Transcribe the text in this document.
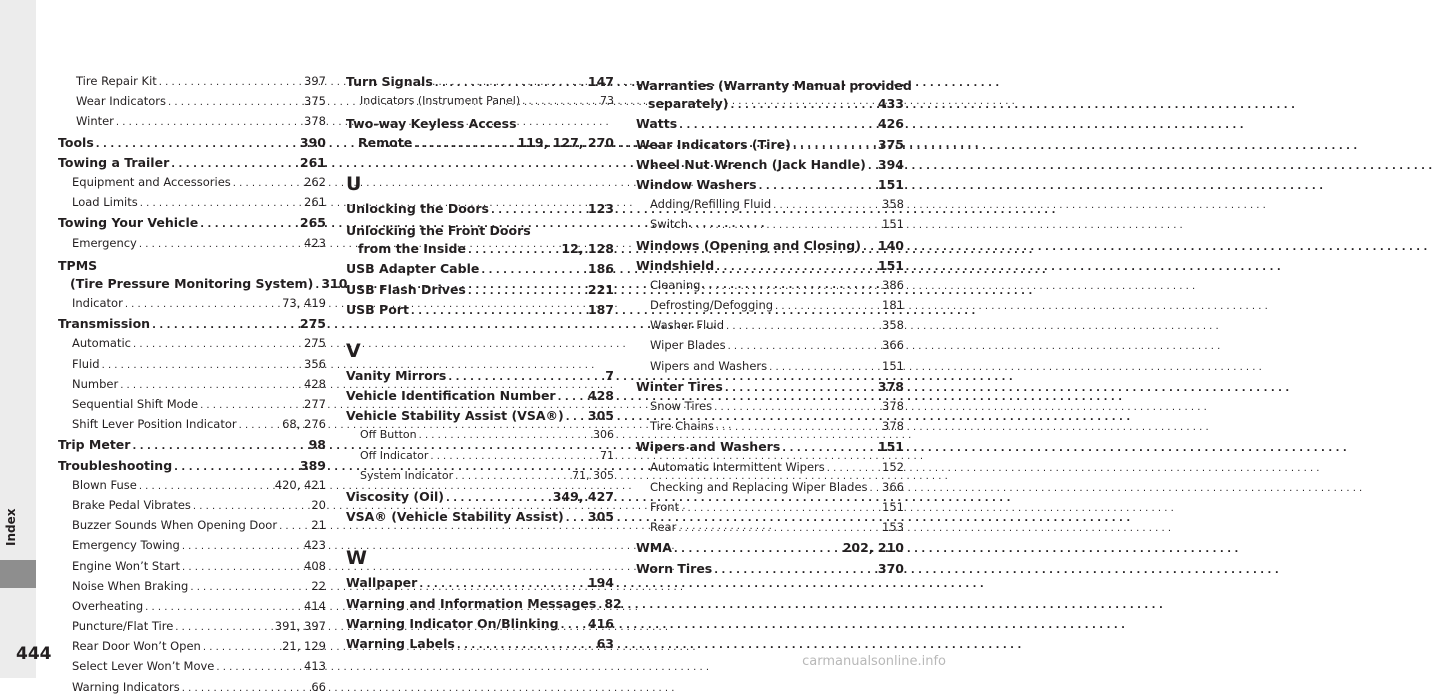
Index
444	carmanualsonline.info
Tire Repair Kit . . .	397
Wear Indicators . . .	375
Winter . . .	378
Tools . . .	390
Towing a Trailer . . .	261
Equipment and Accessories . . .	262
Load Limits . . .	261
Towing Your Vehicle . . .	265
Emergency . . .	423
TPMS
(Tire Pressure Monitoring System) . . . 310
Indicator . . .	73, 419
Transmission . . .	275
Automatic . . .	275
Fluid . . .	356
Number . . .	428
Sequential Shift Mode . . .	277
Shift Lever Position Indicator . . .	68, 276
Trip Meter . . .	98
Troubleshooting . . .	389
Blown Fuse . . .	420, 421
Brake Pedal Vibrates . . .	20
Buzzer Sounds When Opening Door . . .	21
Emergency Towing . . .	423
Engine Won’t Start . . .	408
Noise When Braking . . .	22
Overheating . . .	414
Puncture/Flat Tire . . .	391, 397
Rear Door Won’t Open . . .	21, 129
Select Lever Won’t Move . . .	413
Warning Indicators . . .	66
Turn Signals . . .	147
Indicators (Instrument Panel) . . .	73
Two-way Keyless Access
Remote . . .	119, 127, 270
U
Unlocking the Doors . . .	123
Unlocking the Front Doors
from the Inside . . .	12, 128
USB Adapter Cable . . .	186
USB Flash Drives . . .	221
USB Port . . .	187
V
Vanity Mirrors . . .	7
Vehicle Identification Number . . .	428
Vehicle Stability Assist (VSA®) . . . 305
Off Button . . .	306
Off Indicator . . .	71
System Indicator . . .	71, 305
Viscosity (Oil) . . .	349, 427
VSA® (Vehicle Stability Assist) . . . 305
W
Wallpaper . . .	194
Warning and Information Messages . . . 82
Warning Indicator On/Blinking . . . 416
Warning Labels . . .	63
Warranties (Warranty Manual provided
separately) . . .	433
Watts . . .	426
Wear Indicators (Tire) . . .	375
Wheel Nut Wrench (Jack Handle) . . . 394
Window Washers . . .	151
Adding/Refilling Fluid . . .	358
Switch . . .	151
Windows (Opening and Closing) . . . 140
Windshield . . .	151
Cleaning . . .	386
Defrosting/Defogging . . .	181
Washer Fluid . . .	358
Wiper Blades . . .	366
Wipers and Washers . . .	151
Winter Tires . . .	378
Snow Tires . . .	378
Tire Chains . . .	378
Wipers and Washers . . .	151
Automatic Intermittent Wipers . . .	152
Checking and Replacing Wiper Blades . . . 366
Front . . .	151
Rear . . .	153
WMA . . .	202, 210
Worn Tires . . .	370
